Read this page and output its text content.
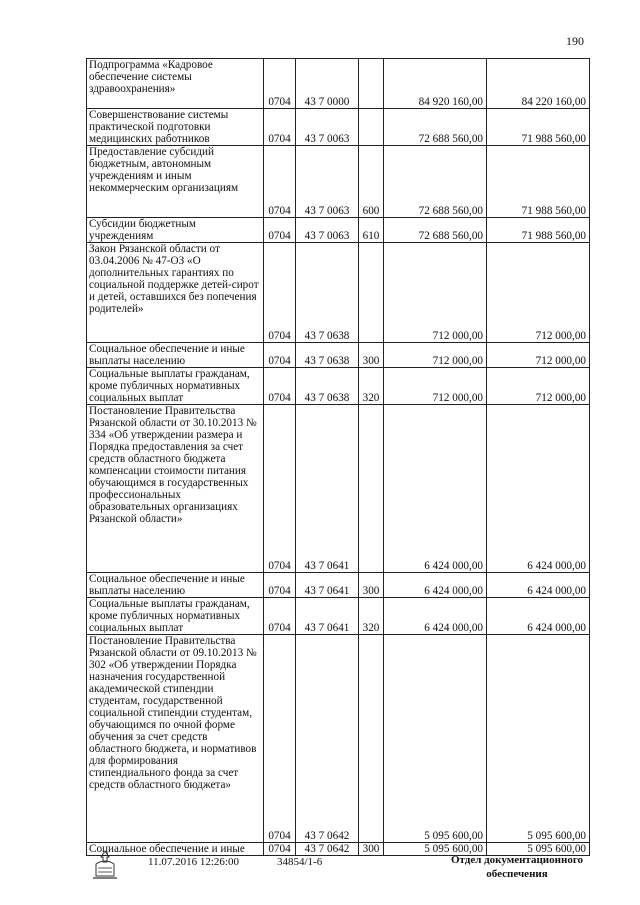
190
Подпрограмма «Кадровое обеспечение системы здравоохранения»	0704	43 7 0000		84 920 160,00	84 220 160,00

Совершенствование системы практической подготовки медицинских работников	0704	43 7 0063		72 688 560,00	71 988 560,00

Предоставление субсидий бюджетным, автономным учреждениям и иным некоммерческим организациям	0704	43 7 0063	600	72 688 560,00	71 988 560,00

Субсидии бюджетным учреждениям	0704	43 7 0063	610	72 688 560,00	71 988 560,00

Закон Рязанской области от 03.04.2006 № 47-ОЗ «О дополнительных гарантиях по социальной поддержке детей-сирот и детей, оставшихся без попечения родителей»	0704	43 7 0638		712 000,00	712 000,00

Социальное обеспечение и иные выплаты населению	0704	43 7 0638	300	712 000,00	712 000,00

Социальные выплаты гражданам, кроме публичных нормативных социальных выплат	0704	43 7 0638	320	712 000,00	712 000,00

Постановление Правительства Рязанской области от 30.10.2013 № 334 «Об утверждении размера и Порядка предоставления за счет средств областного бюджета компенсации стоимости питания обучающимся в государственных профессиональных образовательных организациях Рязанской области»	0704	43 7 0641		6 424 000,00	6 424 000,00

Социальное обеспечение и иные выплаты населению	0704	43 7 0641	300	6 424 000,00	6 424 000,00

Социальные выплаты гражданам, кроме публичных нормативных социальных выплат	0704	43 7 0641	320	6 424 000,00	6 424 000,00

Постановление Правительства Рязанской области от 09.10.2013 № 302 «Об утверждении Порядка назначения государственной академической стипендии студентам, государственной социальной стипендии студентам, обучающимся по очной форме обучения за счет средств областного бюджета, и нормативов для формирования стипендиального фонда за счет средств областного бюджета»	0704	43 7 0642		5 095 600,00	5 095 600,00

Социальное обеспечение и иные	0704	43 7 0642	300	5 095 600,00	5 095 600,00
11.07.2016 12:26:00	34854/1-6	Отдел документационного обеспечения
